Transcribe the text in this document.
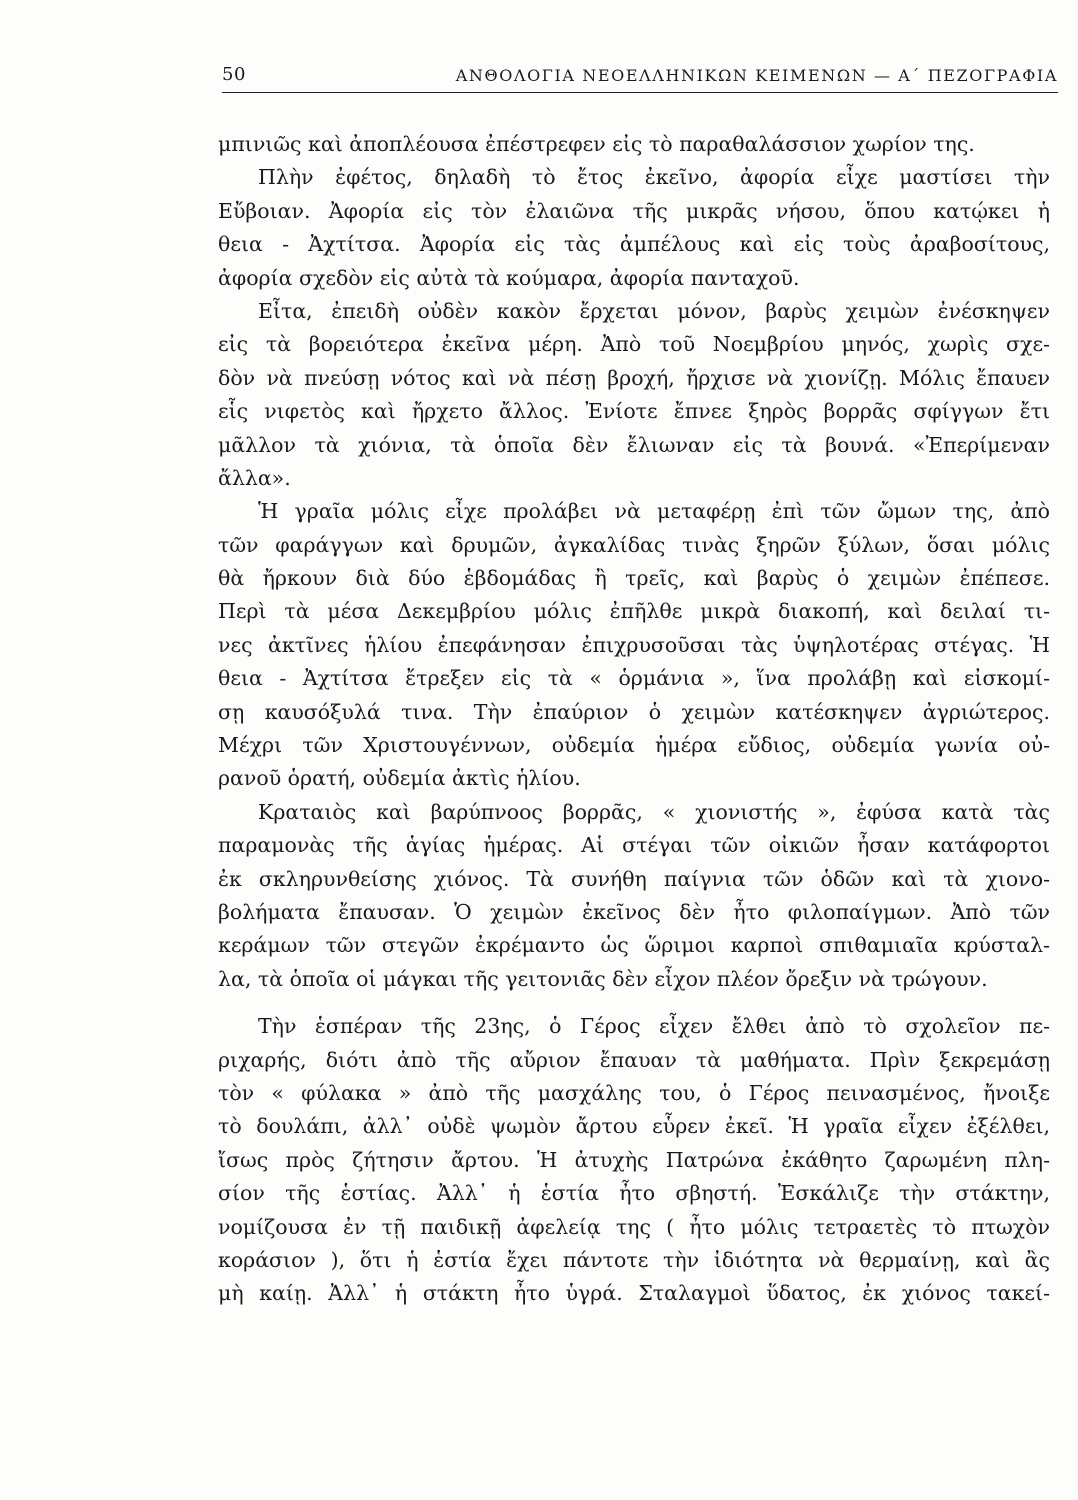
50	ΑΝΘΟΛΟΓΙΑ ΝΕΟΕΛΛΗΝΙΚΩΝ ΚΕΙΜΕΝΩΝ — Α΄ ΠΕΖΟΓΡΑΦΙΑ
μπινιῶς καὶ ἀποπλέουσα ἐπέστρεφεν εἰς τὸ παραθαλάσσιον χωρίον της.
Πλὴν ἐφέτος, δηλαδὴ τὸ ἔτος ἐκεῖνο, ἀφορία εἶχε μαστίσει τὴν
Εὔβοιαν. Ἀφορία εἰς τὸν ἐλαιῶνα τῆς μικρᾶς νήσου, ὅπου κατῴκει ἡ
θεια - Ἀχτίτσα. Ἀφορία εἰς τὰς ἀμπέλους καὶ εἰς τοὺς ἀραβοσίτους,
ἀφορία σχεδὸν εἰς αὐτὰ τὰ κούμαρα, ἀφορία πανταχοῦ.
Εἶτα, ἐπειδὴ οὐδὲν κακὸν ἔρχεται μόνον, βαρὺς χειμὼν ἐνέσκηψεν
εἰς τὰ βορειότερα ἐκεῖνα μέρη. Ἀπὸ τοῦ Νοεμβρίου μηνός, χωρὶς σχε-
δὸν νὰ πνεύσῃ νότος καὶ νὰ πέσῃ βροχή, ἤρχισε νὰ χιονίζῃ. Μόλις ἔπαυεν
εἷς νιφετὸς καὶ ἤρχετο ἄλλος. Ἐνίοτε ἔπνεε ξηρὸς βορρᾶς σφίγγων ἔτι
μᾶλλον τὰ χιόνια, τὰ ὁποῖα δὲν ἔλιωναν εἰς τὰ βουνά. «Ἐπερίμεναν
ἄλλα».
Ἡ γραῖα μόλις εἶχε προλάβει νὰ μεταφέρῃ ἐπὶ τῶν ὤμων της, ἀπὸ
τῶν φαράγγων καὶ δρυμῶν, ἀγκαλίδας τινὰς ξηρῶν ξύλων, ὅσαι μόλις
θὰ ἤρκουν διὰ δύο ἑβδομάδας ἢ τρεῖς, καὶ βαρὺς ὁ χειμὼν ἐπέπεσε.
Περὶ τὰ μέσα Δεκεμβρίου μόλις ἐπῆλθε μικρὰ διακοπή, καὶ δειλαί τι-
νες ἀκτῖνες ἡλίου ἐπεφάνησαν ἐπιχρυσοῦσαι τὰς ὑψηλοτέρας στέγας. Ἡ
θεια - Ἀχτίτσα ἔτρεξεν εἰς τὰ « ὁρμάνια », ἵνα προλάβῃ καὶ εἰσκομί-
σῃ καυσόξυλά τινα. Τὴν ἐπαύριον ὁ χειμὼν κατέσκηψεν ἀγριώτερος.
Μέχρι τῶν Χριστουγέννων, οὐδεμία ἡμέρα εὔδιος, οὐδεμία γωνία οὐ-
ρανοῦ ὁρατή, οὐδεμία ἀκτὶς ἡλίου.
Κραταιὸς καὶ βαρύπνοος βορρᾶς, « χιονιστής », ἐφύσα κατὰ τὰς
παραμονὰς τῆς ἁγίας ἡμέρας. Αἱ στέγαι τῶν οἰκιῶν ἦσαν κατάφορτοι
ἐκ σκληρυνθείσης χιόνος. Τὰ συνήθη παίγνια τῶν ὁδῶν καὶ τὰ χιονο-
βολήματα ἔπαυσαν. Ὁ χειμὼν ἐκεῖνος δὲν ἦτο φιλοπαίγμων. Ἀπὸ τῶν
κεράμων τῶν στεγῶν ἐκρέμαντο ὡς ὥριμοι καρποὶ σπιθαμιαῖα κρύσταλ-
λα, τὰ ὁποῖα οἱ μάγκαι τῆς γειτονιᾶς δὲν εἶχον πλέον ὄρεξιν νὰ τρώγουν.
Τὴν ἑσπέραν τῆς 23ης, ὁ Γέρος εἶχεν ἔλθει ἀπὸ τὸ σχολεῖον πε-
ριχαρής, διότι ἀπὸ τῆς αὔριον ἔπαυαν τὰ μαθήματα. Πρὶν ξεκρεμάσῃ
τὸν « φύλακα » ἀπὸ τῆς μασχάλης του, ὁ Γέρος πεινασμένος, ἤνοιξε
τὸ δουλάπι, ἀλλ᾿ οὐδὲ ψωμὸν ἄρτου εὗρεν ἐκεῖ. Ἡ γραῖα εἶχεν ἐξέλθει,
ἴσως πρὸς ζήτησιν ἄρτου. Ἡ ἀτυχὴς Πατρώνα ἐκάθητο ζαρωμένη πλη-
σίον τῆς ἑστίας. Ἀλλ᾿ ἡ ἑστία ἦτο σβηστή. Ἐσκάλιζε τὴν στάκτην,
νομίζουσα ἐν τῇ παιδικῇ ἀφελείᾳ της ( ἦτο μόλις τετραετὲς τὸ πτωχὸν
κοράσιον ), ὅτι ἡ ἑστία ἔχει πάντοτε τὴν ἰδιότητα νὰ θερμαίνῃ, καὶ ἂς
μὴ καίῃ. Ἀλλ᾿ ἡ στάκτη ἦτο ὑγρά. Σταλαγμοὶ ὕδατος, ἐκ χιόνος τακεί-
